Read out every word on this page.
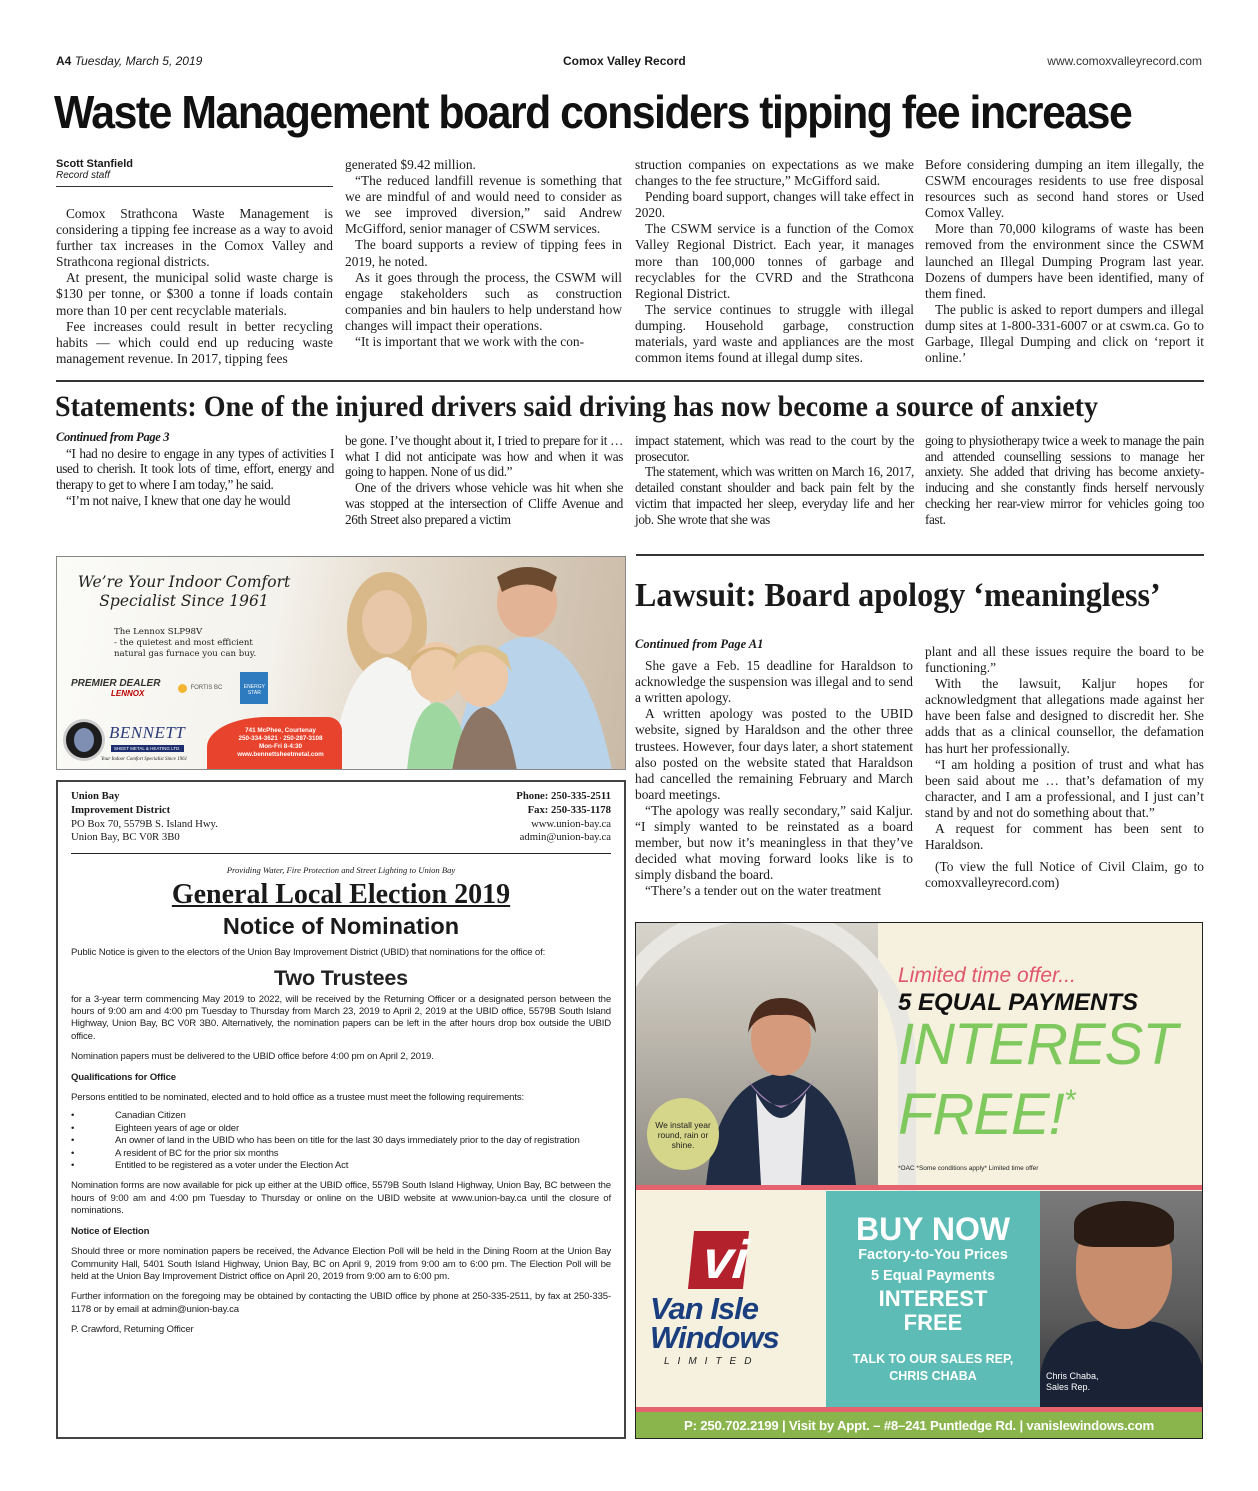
A4 Tuesday, March 5, 2019	Comox Valley Record	www.comoxvalleyrecord.com
Waste Management board considers tipping fee increase
Scott Stanfield
Record staff

Comox Strathcona Waste Management is considering a tipping fee increase as a way to avoid further tax increases in the Comox Valley and Strathcona regional districts.

At present, the municipal solid waste charge is $130 per tonne, or $300 a tonne if loads contain more than 10 per cent recyclable materials.

Fee increases could result in better recycling habits — which could end up reducing waste management revenue. In 2017, tipping fees

generated $9.42 million.

“The reduced landfill revenue is something that we are mindful of and would need to consider as we see improved diversion,” said Andrew McGifford, senior manager of CSWM services.

The board supports a review of tipping fees in 2019, he noted.

As it goes through the process, the CSWM will engage stakeholders such as construction companies and bin haulers to help understand how changes will impact their operations.

“It is important that we work with the con-

struction companies on expectations as we make changes to the fee structure,” McGifford said.

Pending board support, changes will take effect in 2020.

The CSWM service is a function of the Comox Valley Regional District. Each year, it manages more than 100,000 tonnes of garbage and recyclables for the CVRD and the Strathcona Regional District.

The service continues to struggle with illegal dumping. Household garbage, construction materials, yard waste and appliances are the most common items found at illegal dump sites.

Before considering dumping an item illegally, the CSWM encourages residents to use free disposal resources such as second hand stores or Used Comox Valley.

More than 70,000 kilograms of waste has been removed from the environment since the CSWM launched an Illegal Dumping Program last year. Dozens of dumpers have been identified, many of them fined.

The public is asked to report dumpers and illegal dump sites at 1-800-331-6007 or at cswm.ca. Go to Garbage, Illegal Dumping and click on ‘report it online.’

Statements: One of the injured drivers said driving has now become a source of anxiety
Continued from Page 3

“I had no desire to engage in any types of activities I used to cherish. It took lots of time, effort, energy and therapy to get to where I am today,” he said.

“I’m not naive, I knew that one day he would

be gone. I’ve thought about it, I tried to prepare for it … what I did not anticipate was how and when it was going to happen. None of us did.”

One of the drivers whose vehicle was hit when she was stopped at the intersection of Cliffe Avenue and 26th Street also prepared a victim

impact statement, which was read to the court by the prosecutor.

The statement, which was written on March 16, 2017, detailed constant shoulder and back pain felt by the victim that impacted her sleep, everyday life and her job. She wrote that she was

going to physiotherapy twice a week to manage the pain and attended counselling sessions to manage her anxiety. She added that driving has become anxiety-inducing and she constantly finds herself nervously checking her rear-view mirror for vehicles going too fast.

We’re Your Indoor Comfort Specialist Since 1961
The Lennox SLP98V
- the quietest and most efficient
natural gas furnace you can buy.
PREMIER DEALER
LENNOX
FORTIS BC	ENERGY STAR
BENNETT
SHEET METAL & HEATING LTD.
Your Indoor Comfort Specialist Since 1961
741 McPhee, Courtenay
250-334-3621 · 250-287-3108
Mon-Fri 8-4:30
www.bennettsheetmetal.com
Union Bay
Improvement District
PO Box 70, 5579B S. Island Hwy.
Union Bay, BC V0R 3B0
Phone: 250-335-2511
Fax: 250-335-1178
www.union-bay.ca
admin@union-bay.ca
Providing Water, Fire Protection and Street Lighting to Union Bay
General Local Election 2019
Notice of Nomination

Public Notice is given to the electors of the Union Bay Improvement District (UBID) that nominations for the office of:

Two Trustees

for a 3-year term commencing May 2019 to 2022, will be received by the Returning Officer or a designated person between the hours of 9:00 am and 4:00 pm Tuesday to Thursday from March 23, 2019 to April 2, 2019 at the UBID office, 5579B South Island Highway, Union Bay, BC V0R 3B0. Alternatively, the nomination papers can be left in the after hours drop box outside the UBID office.

Nomination papers must be delivered to the UBID office before 4:00 pm on April 2, 2019.

Qualifications for Office

Persons entitled to be nominated, elected and to hold office as a trustee must meet the following requirements:

• Canadian Citizen
• Eighteen years of age or older
• An owner of land in the UBID who has been on title for the last 30 days immediately prior to the day of registration
• A resident of BC for the prior six months
• Entitled to be registered as a voter under the Election Act

Nomination forms are now available for pick up either at the UBID office, 5579B South Island Highway, Union Bay, BC between the hours of 9:00 am and 4:00 pm Tuesday to Thursday or online on the UBID website at www.union-bay.ca until the closure of nominations.

Notice of Election

Should three or more nomination papers be received, the Advance Election Poll will be held in the Dining Room at the Union Bay Community Hall, 5401 South Island Highway, Union Bay, BC on April 9, 2019 from 9:00 am to 6:00 pm. The Election Poll will be held at the Union Bay Improvement District office on April 20, 2019 from 9:00 am to 6:00 pm.

Further information on the foregoing may be obtained by contacting the UBID office by phone at 250-335-2511, by fax at 250-335-1178 or by email at admin@union-bay.ca

P. Crawford, Returning Officer

Lawsuit: Board apology ‘meaningless’
Continued from Page A1

She gave a Feb. 15 deadline for Haraldson to acknowledge the suspension was illegal and to send a written apology.

A written apology was posted to the UBID website, signed by Haraldson and the other three trustees. However, four days later, a short statement also posted on the website stated that Haraldson had cancelled the remaining February and March board meetings.

“The apology was really secondary,” said Kaljur. “I simply wanted to be reinstated as a board member, but now it’s meaningless in that they’ve decided what moving forward looks like is to simply disband the board.

“There’s a tender out on the water treatment

plant and all these issues require the board to be functioning.”

With the lawsuit, Kaljur hopes for acknowledgment that allegations made against her have been false and designed to discredit her. She adds that as a clinical counsellor, the defamation has hurt her professionally.

“I am holding a position of trust and what has been said about me … that’s defamation of my character, and I am a professional, and I just can’t stand by and not do something about that.”

A request for comment has been sent to Haraldson.

(To view the full Notice of Civil Claim, go to comoxvalleyrecord.com)

We install year round, rain or shine.
Limited time offer...
5 EQUAL PAYMENTS
INTEREST
FREE!*
*OAC *Some conditions apply* Limited time offer
vi
Van Isle
Windows
LIMITED
BUY NOW
Factory-to-You Prices
5 Equal Payments
INTEREST
FREE
TALK TO OUR SALES REP,
CHRIS CHABA	Chris Chaba,
Sales Rep.
P: 250.702.2199 | Visit by Appt. – #8–241 Puntledge Rd. | vanislewindows.com
